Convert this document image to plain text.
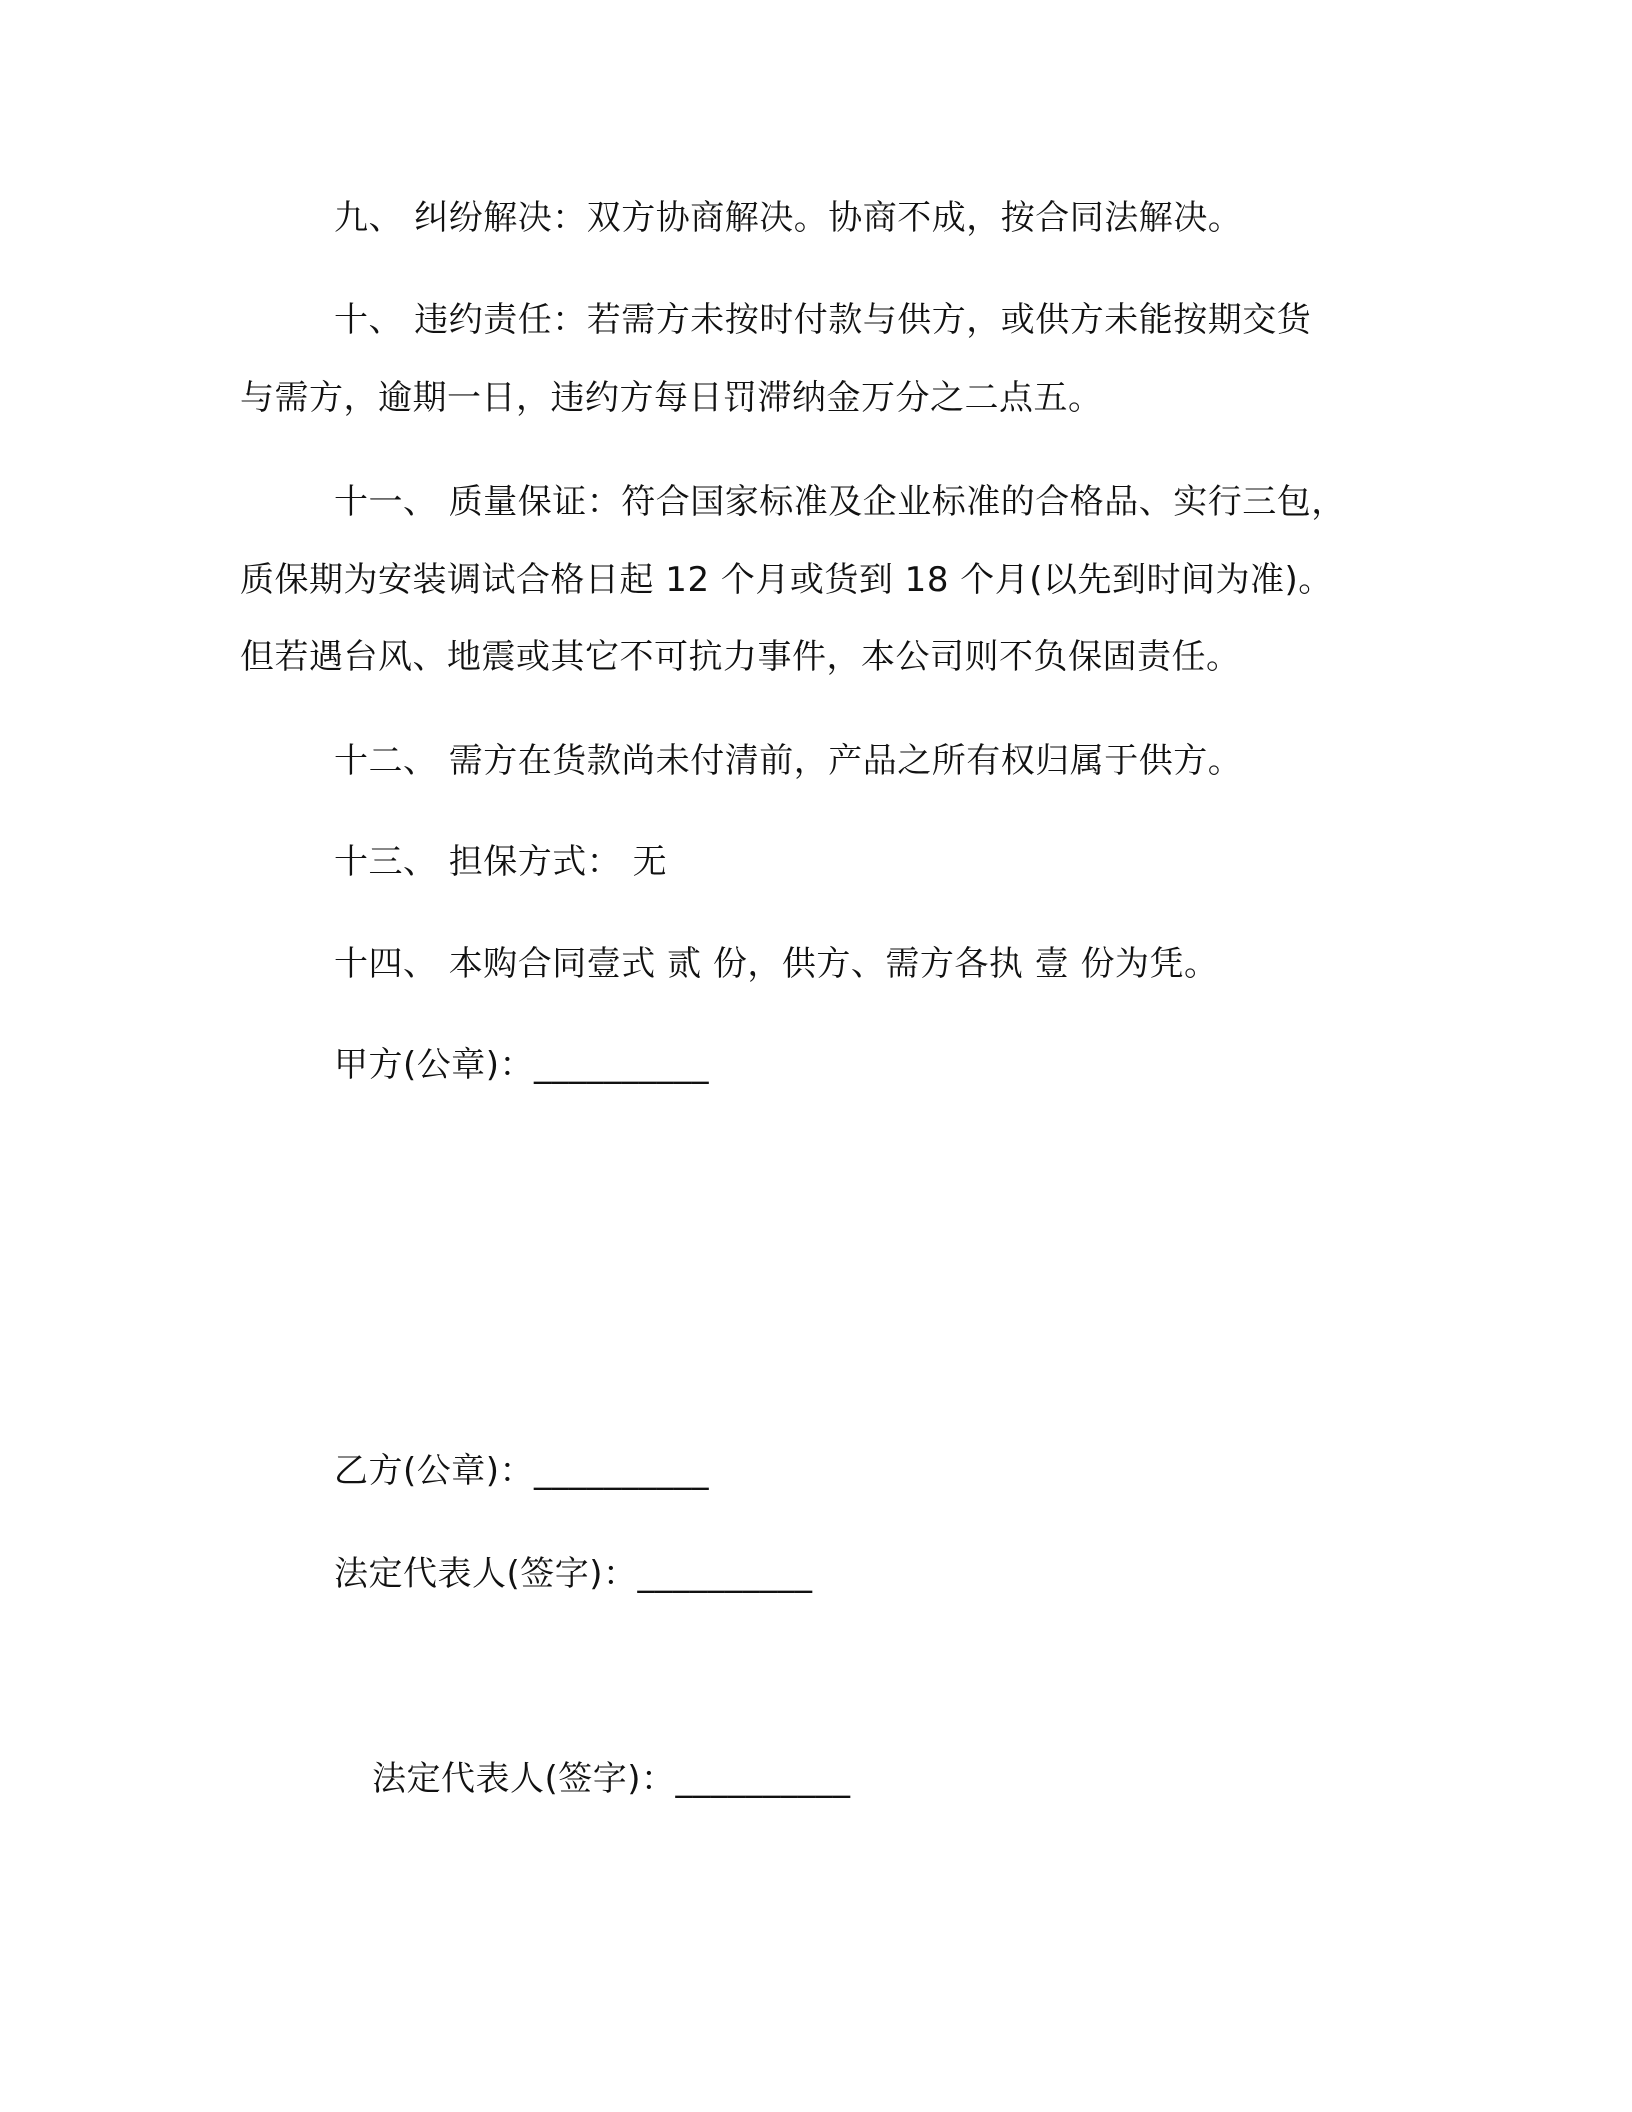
九、 纠纷解决：双方协商解决。协商不成，按合同法解决。
十、 违约责任：若需方未按时付款与供方，或供方未能按期交货
与需方，逾期一日，违约方每日罚滞纳金万分之二点五。
十一、 质量保证：符合国家标准及企业标准的合格品、实行三包，
质保期为安装调试合格日起 12 个月或货到 18 个月(以先到时间为准)。
但若遇台风、地震或其它不可抗力事件，本公司则不负保固责任。
十二、 需方在货款尚未付清前，产品之所有权归属于供方。
十三、 担保方式： 无
十四、 本购合同壹式 贰 份，供方、需方各执 壹 份为凭。
甲方(公章)：__________
乙方(公章)：__________
法定代表人(签字)：__________
法定代表人(签字)：__________
